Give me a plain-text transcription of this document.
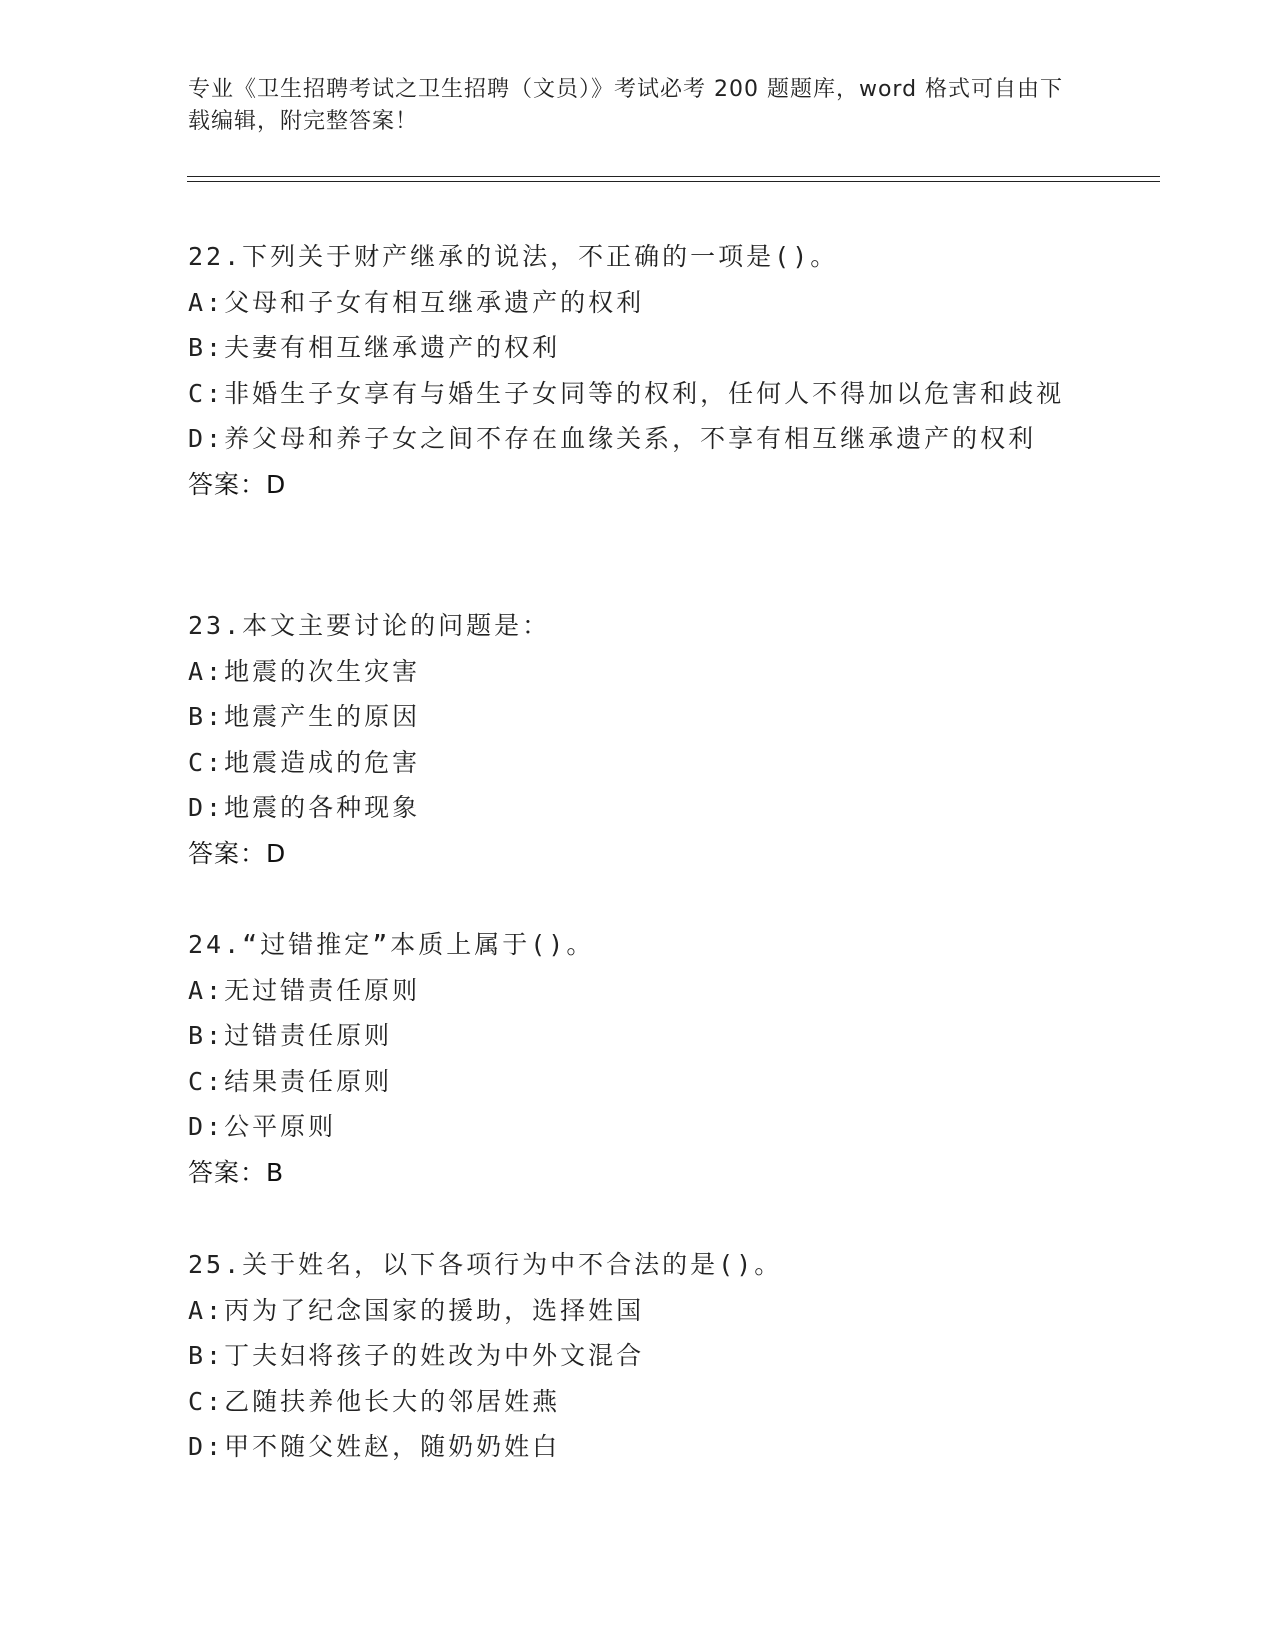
专业《卫生招聘考试之卫生招聘（文员）》考试必考 200 题题库，word 格式可自由下载编辑，附完整答案！

22.下列关于财产继承的说法，不正确的一项是()。

A: 父母和子女有相互继承遗产的权利

B: 夫妻有相互继承遗产的权利

C:非婚生子女享有与婚生子女同等的权利，任何人不得加以危害和歧视

D: 养父母和养子女之间不存在血缘关系，不享有相互继承遗产的权利

答案：D

23.本文主要讨论的问题是：

A: 地震的次生灾害

B: 地震产生的原因

C: 地震造成的危害

D: 地震的各种现象

答案：D

24.“过错推定”本质上属于()。

A: 无过错责任原则

B: 过错责任原则

C: 结果责任原则

D: 公平原则

答案：B

25.关于姓名，以下各项行为中不合法的是()。

A: 丙为了纪念国家的援助，选择姓国

B: 丁夫妇将孩子的姓改为中外文混合

C: 乙随扶养他长大的邻居姓燕

D: 甲不随父姓赵，随奶奶姓白
